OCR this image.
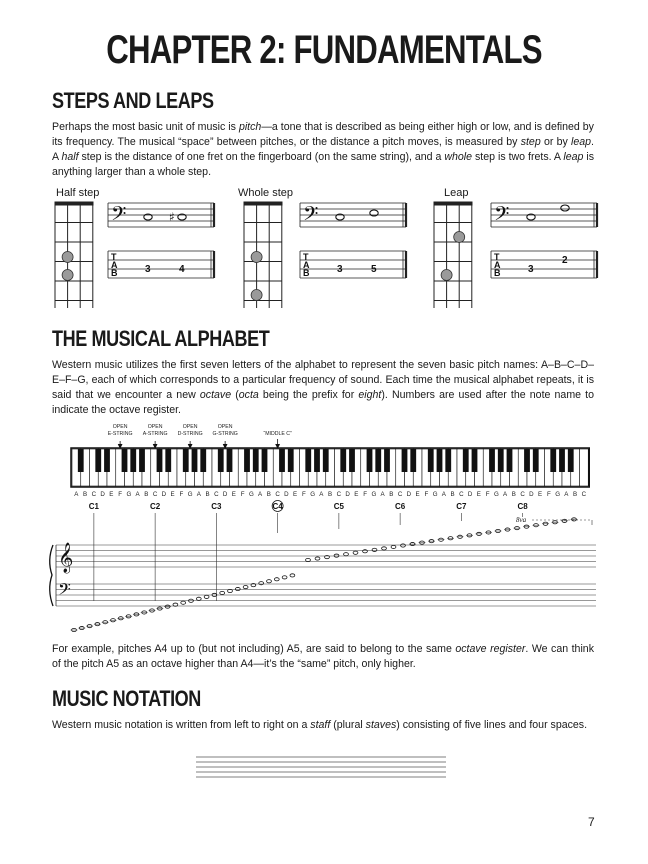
CHAPTER 2: FUNDAMENTALS
STEPS AND LEAPS

Perhaps the most basic unit of music is pitch—a tone that is described as being either high or low, and is defined by its frequency. The musical “space” between pitches, or the distance a pitch moves, is measured by step or by leap. A half step is the distance of one fret on the fingerboard (on the same string), and a whole step is two frets. A leap is anything larger than a whole step.

Half step	Whole step	Leap
𝄢	♯
T
A
B	3	4
𝄢
T
A
B	3	5
𝄢
T
A
B	3
2
THE MUSICAL ALPHABET

Western music utilizes the first seven letters of the alphabet to represent the seven basic pitch names: A–B–C–D–E–F–G, each of which corresponds to a particular frequency of sound. Each time the musical alphabet repeats, it is said that we encounter a new octave (octa being the prefix for eight). Numbers are used after the note name to indicate the octave register.

A B C D E F G A B C D E F G A B C D E F G A B C D E F G A B C D E F G A B C D E F G A B C D E F G A B C D E F G A B C
C1	C2	C3	C4	C5	C6	C7	C8
OPEN
E-STRING
OPEN
A-STRING
OPEN
D-STRING
OPEN
G-STRING	“MIDDLE C”
𝄞
𝄢
8va

For example, pitches A4 up to (but not including) A5, are said to belong to the same octave register. We can think of the pitch A5 as an octave higher than A4—it’s the “same” pitch, only higher.

MUSIC NOTATION

Western music notation is written from left to right on a staff (plural staves) consisting of five lines and four spaces.

7
